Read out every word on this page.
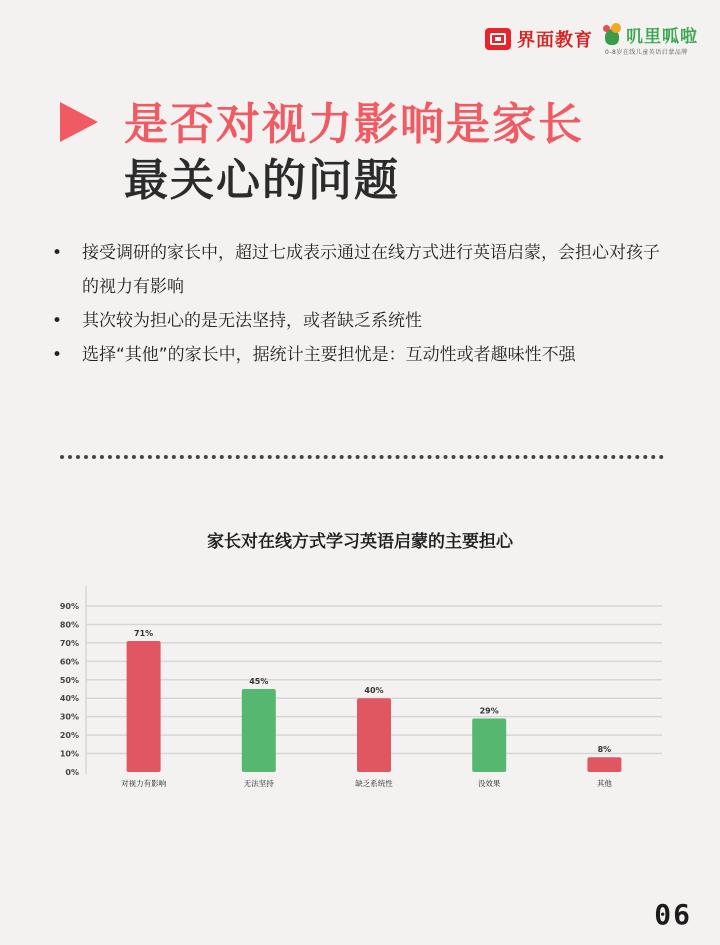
界面教育 叽里呱啦
0-8岁在线儿童英语启蒙品牌
是否对视力影响是家长
最关心的问题
• 接受调研的家长中，超过七成表示通过在线方式进行英语启蒙，会担心对孩子的视力有影响
• 其次较为担心的是无法坚持，或者缺乏系统性
• 选择“其他”的家长中，据统计主要担忧是：互动性或者趣味性不强
家长对在线方式学习英语启蒙的主要担心
0%
10%
20%
30%
40%
50%
60%
70%
80%
90%
71%
对视力有影响
45%
无法坚持
40%
缺乏系统性
29%
没效果
8%
其他
06
